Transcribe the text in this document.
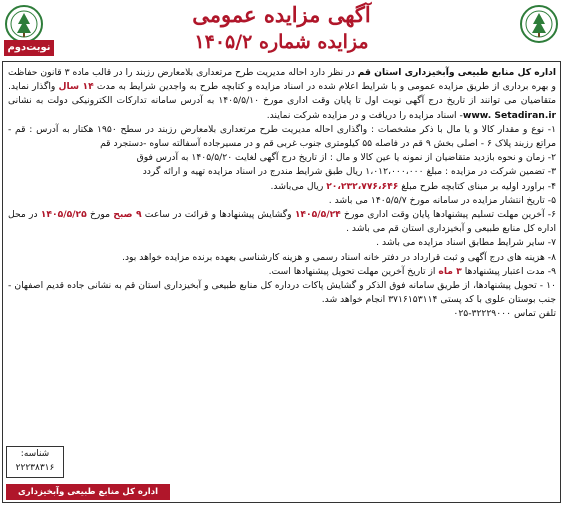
آگهی مزایده عمومی
مزایده شماره ۱۴۰۵/۲
نوبت‌دوم

اداره کل منابع طبیعی وآبخیزداری استان قم در نظر دارد احاله مدیریت طرح مرتعداری بلامعارض رزبند را در قالب ماده ۳ قانون حفاظت و بهره برداری از طریق مزایده عمومی و با شرایط اعلام شده در اسناد مزایده و کتابچه طرح به واجدین شرایط به مدت ۱۴ سال واگذار نماید. متقاضیان می توانند از تاریخ درج آگهی نوبت اول تا پایان وقت اداری مورخ ۱۴۰۵/۵/۱۰ به آدرس سامانه تدارکات الکترونیکی دولت به نشانی www. Setadiran.ir- اسناد مزایده را دریافت و در مزایده شرکت نمایند.

۱- نوع و مقدار کالا و یا مال با ذکر مشخصات : واگذاری احاله مدیریت طرح مرتعداری بلامعارض رزبند در سطح ۱۹۵۰ هکتار به آدرس : قم - مراتع رزبند پلاک ۶ - اصلی بخش ۹ قم در فاصله ۵۵ کیلومتری جنوب غربی قم و در مسیرجاده آسفالته ساوه -دستجرد قم

۲- زمان و نحوه بازدید متقاضیان از نمونه یا عین کالا و مال : از تاریخ درج آگهی لغایت ۱۴۰۵/۵/۲۰ به آدرس فوق

۳- تضمین شرکت در مزایده : مبلغ ۱،۰۱۲،۰۰۰،۰۰۰ ریال طبق شرایط مندرج در اسناد مزایده تهیه و ارائه گردد

۴- براورد اولیه بر مبنای کتابچه طرح مبلغ ۲۰،۲۳۲،۷۷۶،۶۴۶ ریال می‌باشد.

۵- تاریخ انتشار مزایده در سامانه مورخ ۱۴۰۵/۵/۷ می باشد .

۶- آخرین مهلت تسلیم پیشنهادها پایان وقت اداری مورخ ۱۴۰۵/۵/۲۴ وگشایش پیشنهادها و قرائت در ساعت ۹ صبح مورخ ۱۴۰۵/۵/۲۵ در محل اداره کل منابع طبیعی و آبخیزداری استان قم می باشد .

۷- سایر شرایط مطابق اسناد مزایده می باشد .

۸- هزینه های درج آگهی و ثبت قرارداد در دفتر خانه اسناد رسمی و هزینه کارشناسی بعهده برنده مزایده خواهد بود.

۹- مدت اعتبار پیشنهادها ۳ ماه از تاریخ آخرین مهلت تحویل پیشنهادها است.

۱۰ - تحویل پیشنهادها، از طریق سامانه فوق الذکر و گشایش پاکات درداره کل منابع طبیعی و آبخیزداری استان قم به نشانی جاده قدیم اصفهان - جنب بوستان علوی با کد پستی ۳۷۱۶۱۵۳۱۱۴ انجام خواهد شد.

تلفن تماس ۳۲۲۲۹۰۰۰-۰۲۵

شناسه:
۲۲۲۳۸۳۱۶
اداره کل منابع طبیعی وآبخیزداری استان قم
